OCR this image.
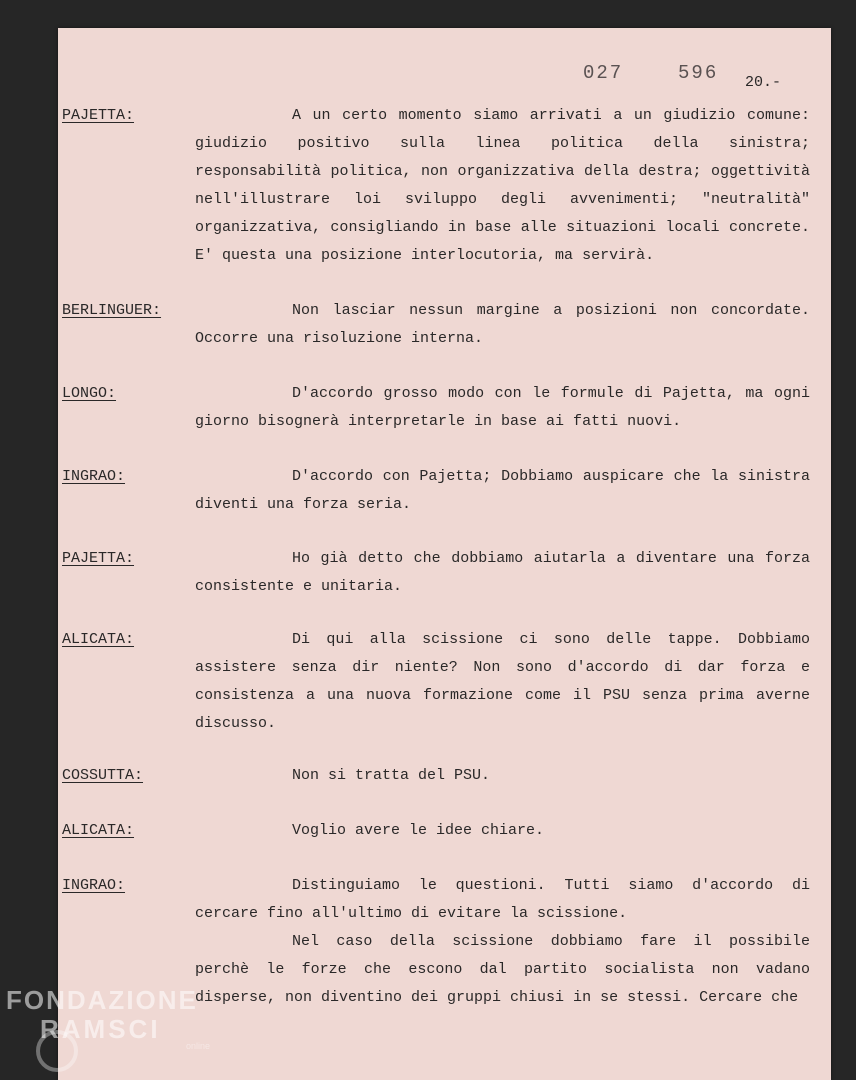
027  596 20.-

PAJETTA:	A un certo momento siamo arrivati a un giudizio comune: giudizio positivo sulla linea politica della sinistra; responsabilità politica, non organizzativa della destra; oggettività nell'illustrare loi sviluppo degli avvenimenti; "neutralità" organizzativa, consigliando in base alle situazioni locali concrete. E' questa una posizione interlocutoria, ma servirà.

BERLINGUER:	Non lasciar nessun margine a posizioni non concordate. Occorre una risoluzione interna.

LONGO:	D'accordo grosso modo con le formule di Pajetta, ma ogni giorno bisognerà interpretarle in base ai fatti nuovi.

INGRAO:	D'accordo con Pajetta; Dobbiamo auspicare che la sinistra diventi una forza seria.

PAJETTA:	Ho già detto che dobbiamo aiutarla a diventare una forza consistente e unitaria.

ALICATA:	Di qui alla scissione ci sono delle tappe. Dobbiamo assistere senza dir niente? Non sono d'accordo di dar forza e consistenza a una nuova formazione come il PSU senza prima averne discusso.

COSSUTTA:	Non si tratta del PSU.

ALICATA:	Voglio avere le idee chiare.

INGRAO:	Distinguiamo le questioni. Tutti siamo d'accordo di cercare fino all'ultimo di evitare la scissione.

Nel caso della scissione dobbiamo fare il possibile perchè le forze che escono dal partito socialista non vadano disperse, non diventino dei gruppi chiusi in se stessi. Cercare che

FONDAZIONE

RAMSCI

online
